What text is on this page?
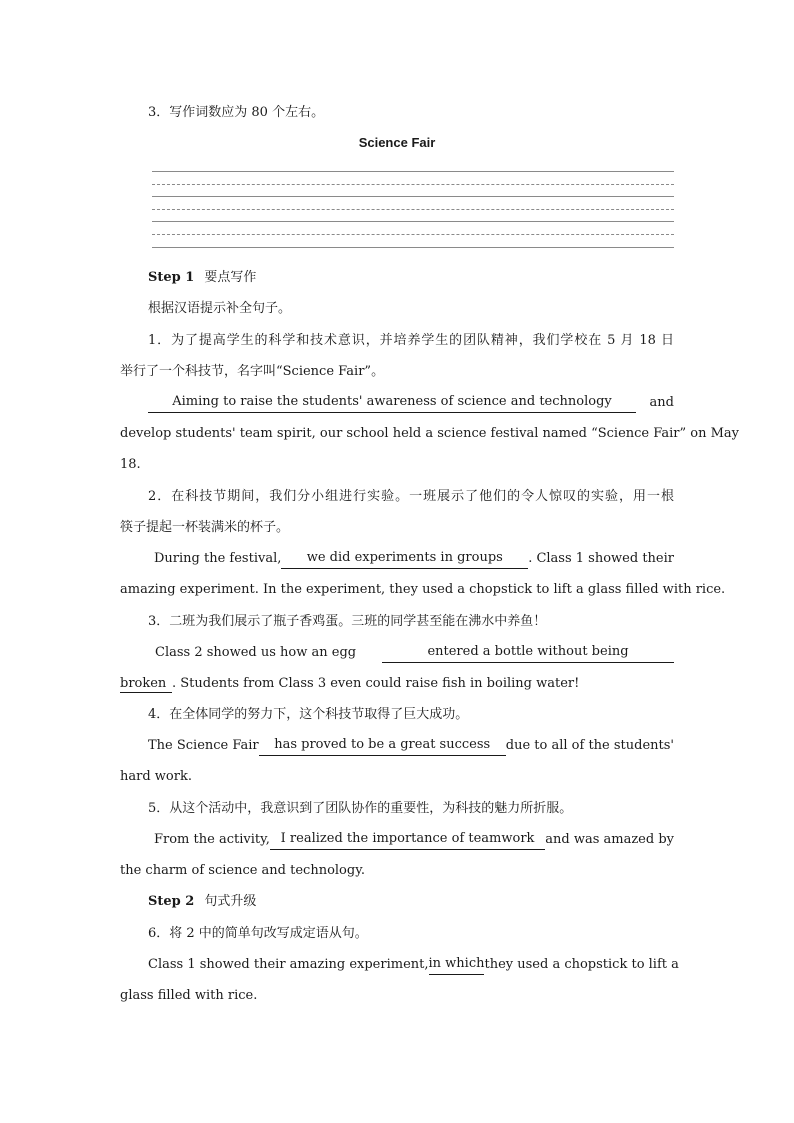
3．写作词数应为 80 个左右。
Science Fair
Step 1 要点写作
根据汉语提示补全句子。
1．为了提高学生的科学和技术意识，并培养学生的团队精神，我们学校在 5 月 18 日
举行了一个科技节，名字叫“Science Fair”。
Aiming to raise the students' awareness of science and technology	and
develop students' team spirit, our school held a science festival named “Science Fair” on May
18.
2．在科技节期间，我们分小组进行实验。一班展示了他们的令人惊叹的实验，用一根
筷子提起一杯装满米的杯子。
During the festival,	we did experiments in groups	. Class 1 showed their
amazing experiment. In the experiment, they used a chopstick to lift a glass filled with rice.
3．二班为我们展示了瓶子香鸡蛋。三班的同学甚至能在沸水中养鱼！
Class 2 showed us how an egg	entered a bottle without being
broken . Students from Class 3 even could raise fish in boiling water!
4．在全体同学的努力下，这个科技节取得了巨大成功。
The Science Fair	has proved to be a great success	due to all of the students'
hard work.
5．从这个活动中，我意识到了团队协作的重要性，为科技的魅力所折服。
From the activity, I realized the importance of teamwork and was amazed by
the charm of science and technology.
Step 2 句式升级
6．将 2 中的简单句改写成定语从句。
Class 1 showed their amazing experiment, in which they used a chopstick to lift a
glass filled with rice.
